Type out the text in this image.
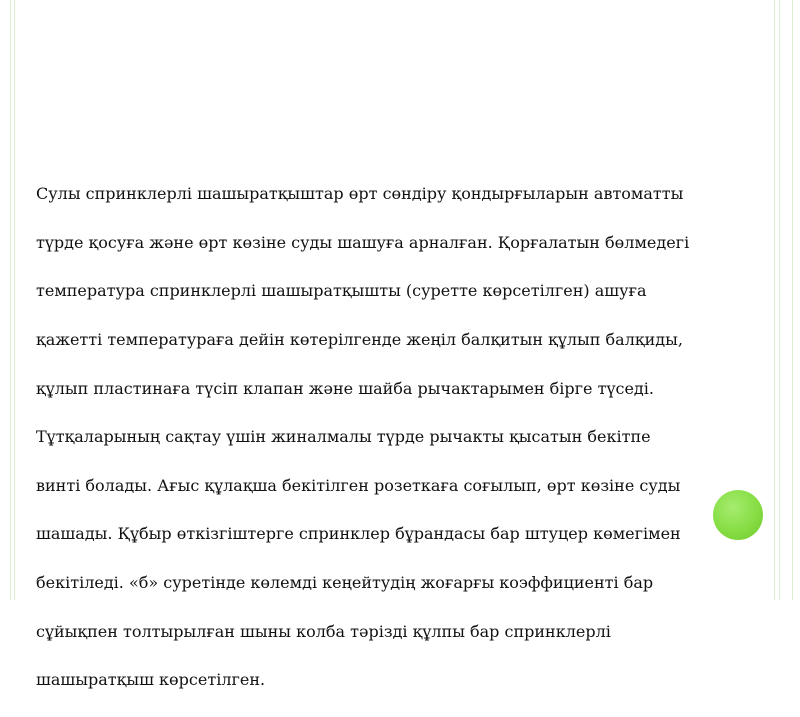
Сулы спринклерлі шашыратқыштар өрт сөндіру қондырғыларын автоматты

түрде қосуға және өрт көзіне суды шашуға арналған. Қорғалатын бөлмедегі

температура спринклерлі шашыратқышты (суретте көрсетілген) ашуға

қажетті температураға дейін көтерілгенде жеңіл балқитын құлып балқиды,

құлып пластинаға түсіп клапан және шайба рычактарымен бірге түседі.

Тұтқаларының сақтау үшін жиналмалы түрде рычакты қысатын бекітпе

винті болады. Ағыс құлақша бекітілген розеткаға соғылып, өрт көзіне суды

шашады. Құбыр өткізгіштерге спринклер бұрандасы бар штуцер көмегімен

бекітіледі. «б» суретінде көлемді кеңейтудің жоғарғы коэффициенті бар

сұйықпен толтырылған шыны колба тәрізді құлпы бар спринклерлі

шашыратқыш көрсетілген.
